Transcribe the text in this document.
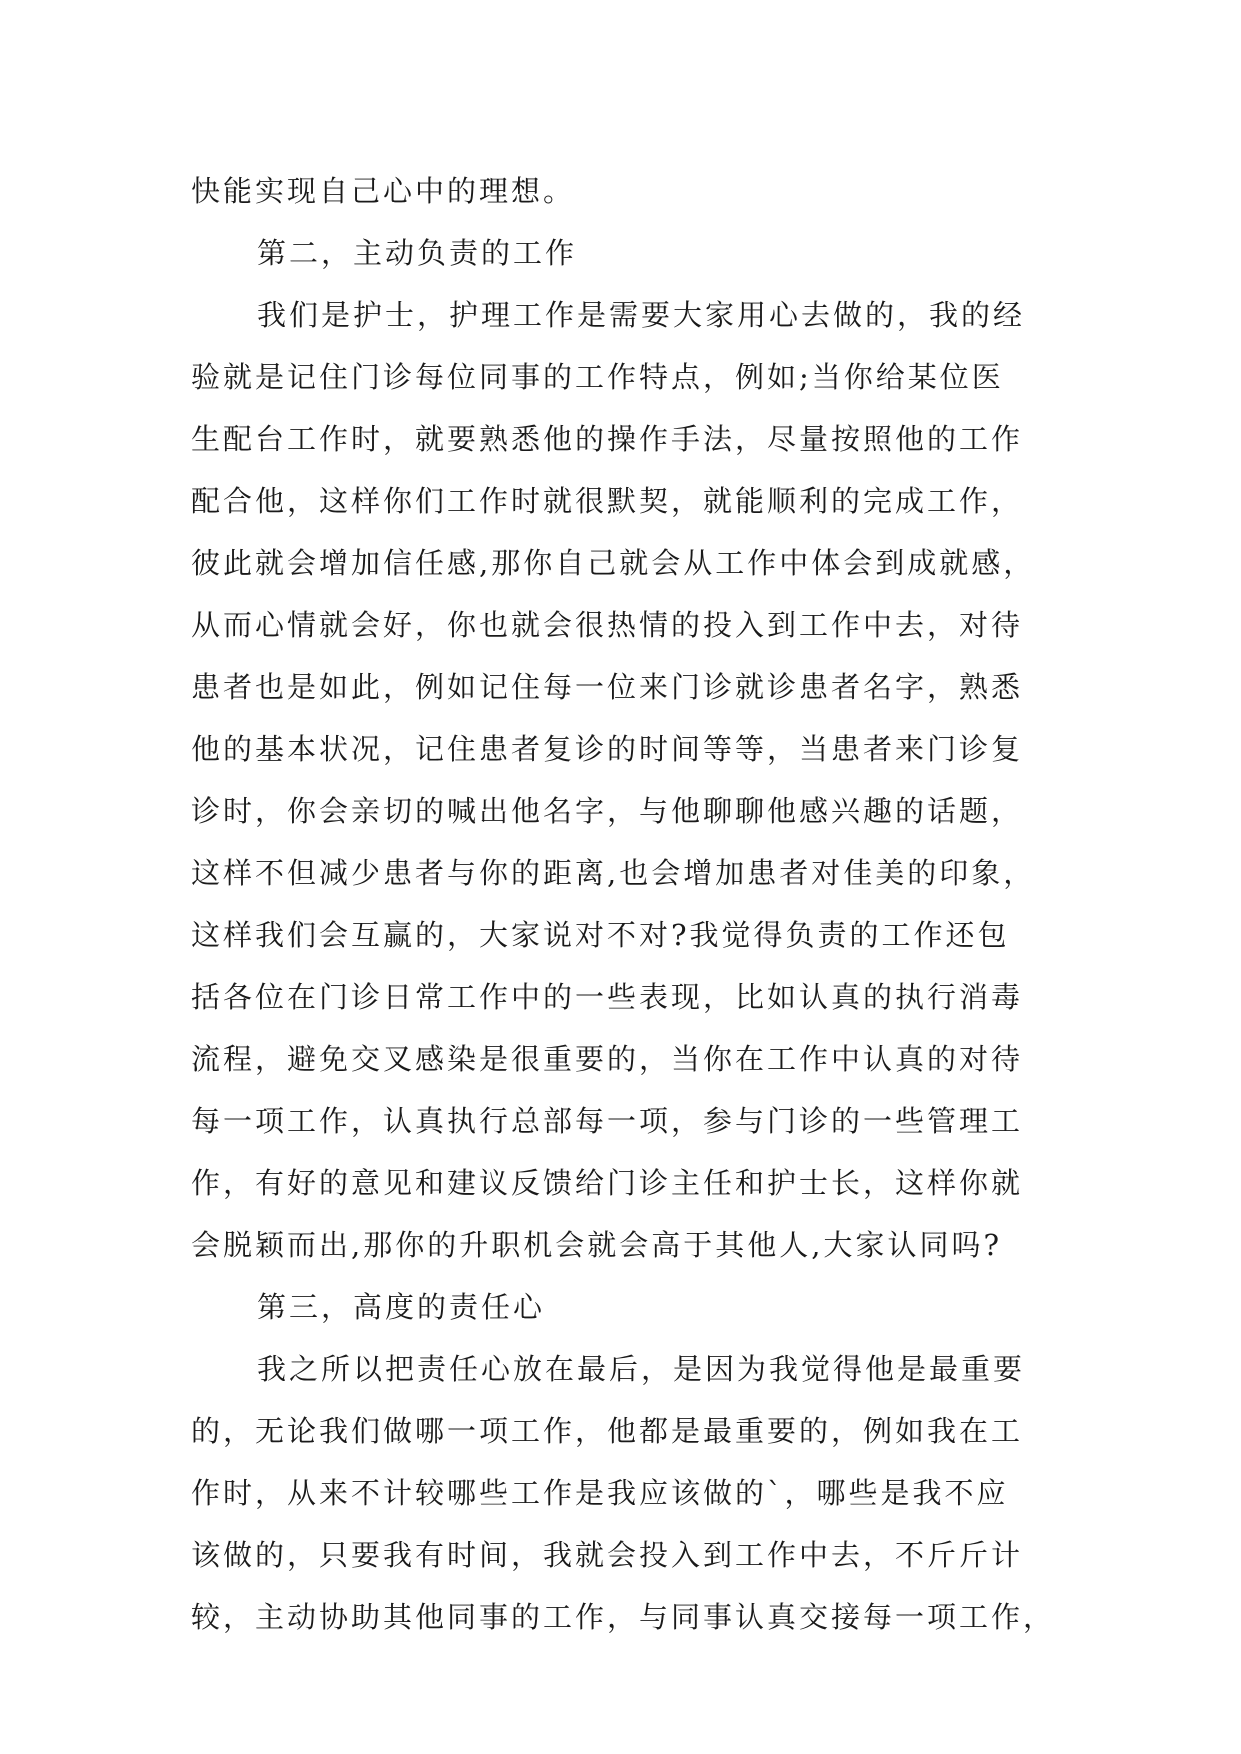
快能实现自己心中的理想。
第二，主动负责的工作
我们是护士，护理工作是需要大家用心去做的，我的经
验就是记住门诊每位同事的工作特点，例如;当你给某位医
生配台工作时，就要熟悉他的操作手法，尽量按照他的工作
配合他，这样你们工作时就很默契，就能顺利的完成工作，
彼此就会增加信任感,那你自己就会从工作中体会到成就感，
从而心情就会好，你也就会很热情的投入到工作中去，对待
患者也是如此，例如记住每一位来门诊就诊患者名字，熟悉
他的基本状况，记住患者复诊的时间等等，当患者来门诊复
诊时，你会亲切的喊出他名字，与他聊聊他感兴趣的话题，
这样不但减少患者与你的距离,也会增加患者对佳美的印象，
这样我们会互赢的，大家说对不对?我觉得负责的工作还包
括各位在门诊日常工作中的一些表现，比如认真的执行消毒
流程，避免交叉感染是很重要的，当你在工作中认真的对待
每一项工作，认真执行总部每一项，参与门诊的一些管理工
作，有好的意见和建议反馈给门诊主任和护士长，这样你就
会脱颖而出,那你的升职机会就会高于其他人,大家认同吗?
第三，高度的责任心
我之所以把责任心放在最后，是因为我觉得他是最重要
的，无论我们做哪一项工作，他都是最重要的，例如我在工
作时，从来不计较哪些工作是我应该做的`，哪些是我不应
该做的，只要我有时间，我就会投入到工作中去，不斤斤计
较，主动协助其他同事的工作，与同事认真交接每一项工作，
